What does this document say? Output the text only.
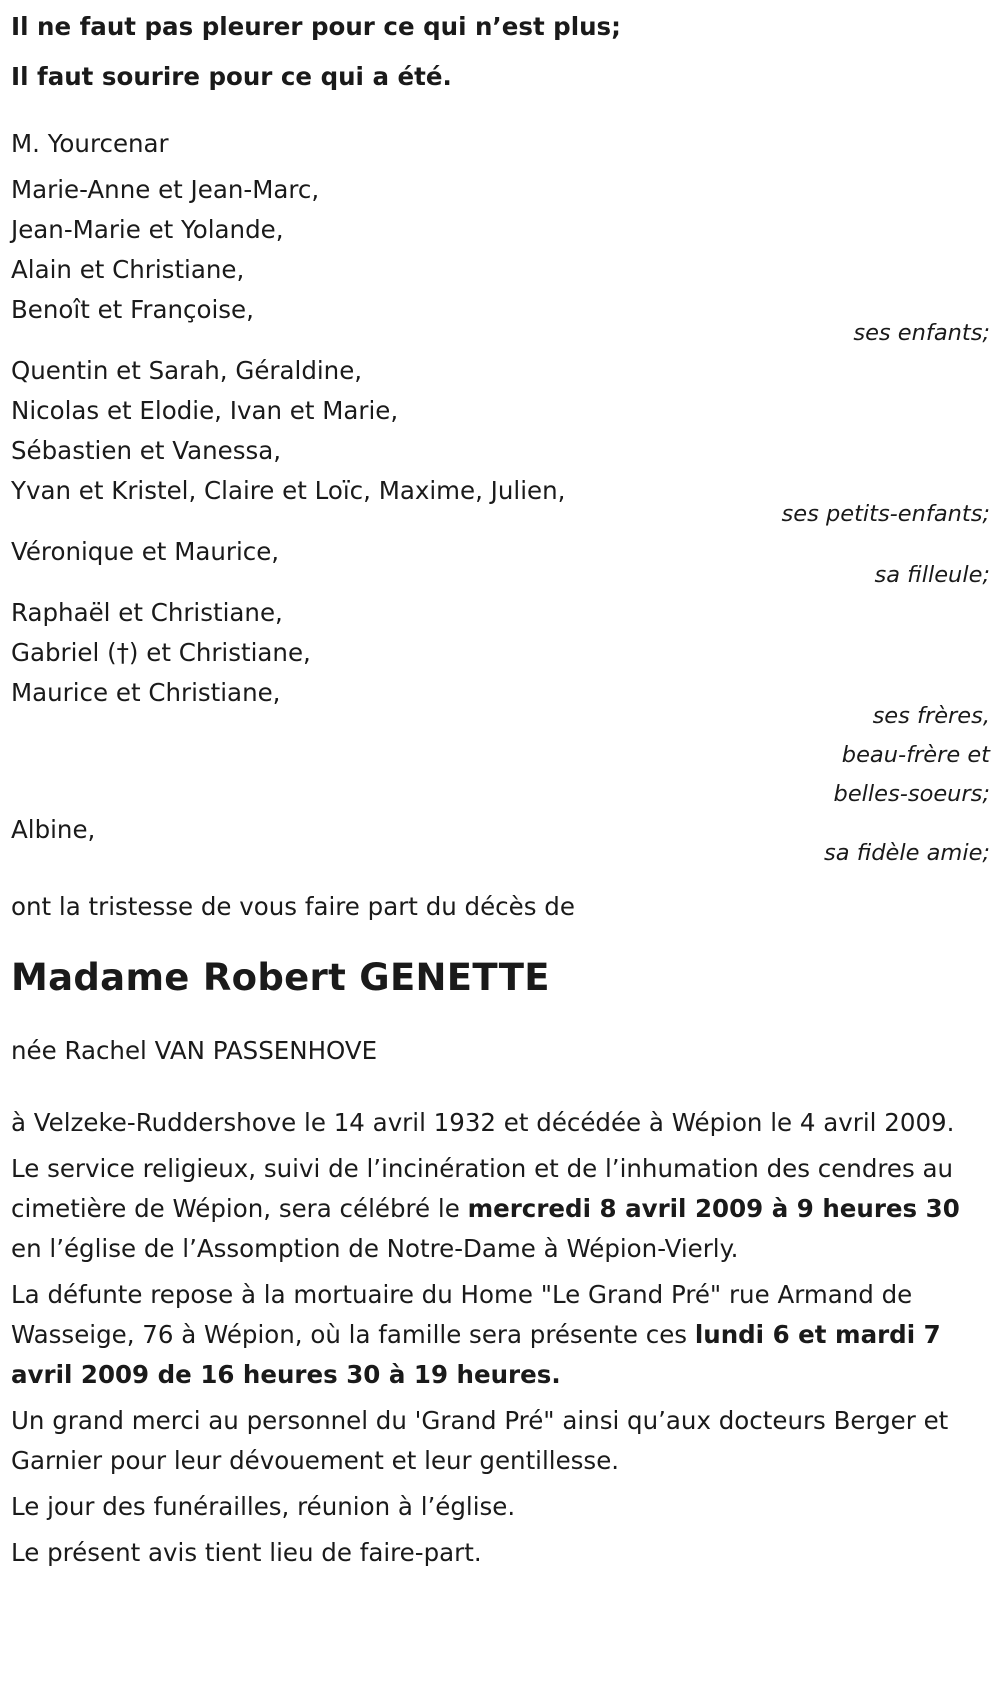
Il ne faut pas pleurer pour ce qui n’est plus;

Il faut sourire pour ce qui a été.

M. Yourcenar

Marie-Anne et Jean-Marc,

Jean-Marie et Yolande,

Alain et Christiane,

Benoît et Françoise,

ses enfants;

Quentin et Sarah, Géraldine,

Nicolas et Elodie, Ivan et Marie,

Sébastien et Vanessa,

Yvan et Kristel, Claire et Loïc, Maxime, Julien,

ses petits-enfants;

Véronique et Maurice,

sa filleule;

Raphaël et Christiane,

Gabriel (†) et Christiane,

Maurice et Christiane,

ses frères,

beau-frère et

belles-soeurs;

Albine,

sa fidèle amie;

ont la tristesse de vous faire part du décès de

Madame Robert GENETTE

née Rachel VAN PASSENHOVE

à Velzeke-Ruddershove le 14 avril 1932 et décédée à Wépion le 4 avril 2009.

Le service religieux, suivi de l’incinération et de l’inhumation des cendres au cimetière de Wépion, sera célébré le mercredi 8 avril 2009 à 9 heures 30 en l’église de l’Assomption de Notre-Dame à Wépion-Vierly.

La défunte repose à la mortuaire du Home "Le Grand Pré" rue Armand de Wasseige, 76 à Wépion, où la famille sera présente ces lundi 6 et mardi 7 avril 2009 de 16 heures 30 à 19 heures.

Un grand merci au personnel du 'Grand Pré" ainsi qu’aux docteurs Berger et Garnier pour leur dévouement et leur gentillesse.

Le jour des funérailles, réunion à l’église.

Le présent avis tient lieu de faire-part.
